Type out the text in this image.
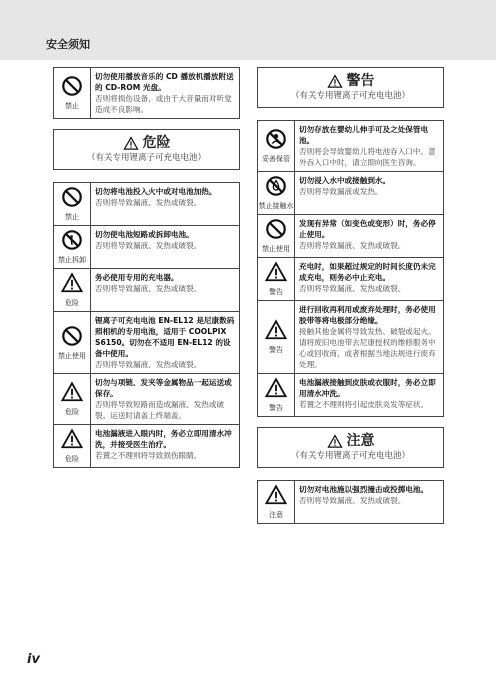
安全须知
禁止
切勿使用播放音乐的 CD 播放机播放附送的 CD-ROM 光盘。
否则将损伤设备，或由于大音量而对听觉造成不良影响。
危险
（有关专用锂离子可充电电池）
禁止
切勿将电池投入火中或对电池加热。
否则将导致漏液、发热或破裂。
禁止拆卸
切勿使电池短路或拆卸电池。
否则将导致漏液、发热或破裂。
危险
务必使用专用的充电器。
否则将导致漏液、发热或破裂。
禁止使用
锂离子可充电电池 EN-EL12 是尼康数码照相机的专用电池，适用于 COOLPIX S6150。切勿在不适用 EN-EL12 的设备中使用。
否则将导致漏液、发热或破裂。
危险
切勿与项链、发夹等金属物品一起运送或保存。
否则将导致短路而造成漏液、发热或破裂。运送时请盖上终端盖。
危险
电池漏液进入眼内时，务必立即用清水冲洗，并接受医生治疗。
若置之不理则将导致损伤眼睛。
警告
（有关专用锂离子可充电电池）
妥善保管
切勿存放在婴幼儿伸手可及之处保管电池。
否则将会导致婴幼儿将电池吞入口中。意外吞入口中时，请立即向医生咨询。
禁止接触水
切勿浸入水中或接触到水。
否则将导致漏液或发热。
禁止使用
发现有异常（如变色或变形）时，务必停止使用。
否则将导致漏液、发热或破裂。
警告
充电时，如果超过规定的时间长度仍未完成充电，则务必中止充电。
否则将导致漏液、发热或破裂。
警告
进行回收再利用或废弃处理时，务必使用胶带等将电极部分绝缘。
接触其他金属将导致发热、破裂或起火。请将废旧电池带去尼康授权的维修服务中心或回收商，或者根据当地法规进行废弃处理。
警告
电池漏液接触到皮肤或衣服时，务必立即用清水冲洗。
若置之不理则将引起皮肤炎发等症状。
注意
（有关专用锂离子可充电电池）
注意
切勿对电池施以强烈撞击或投掷电池。
否则将导致漏液、发热或破裂。
iv
